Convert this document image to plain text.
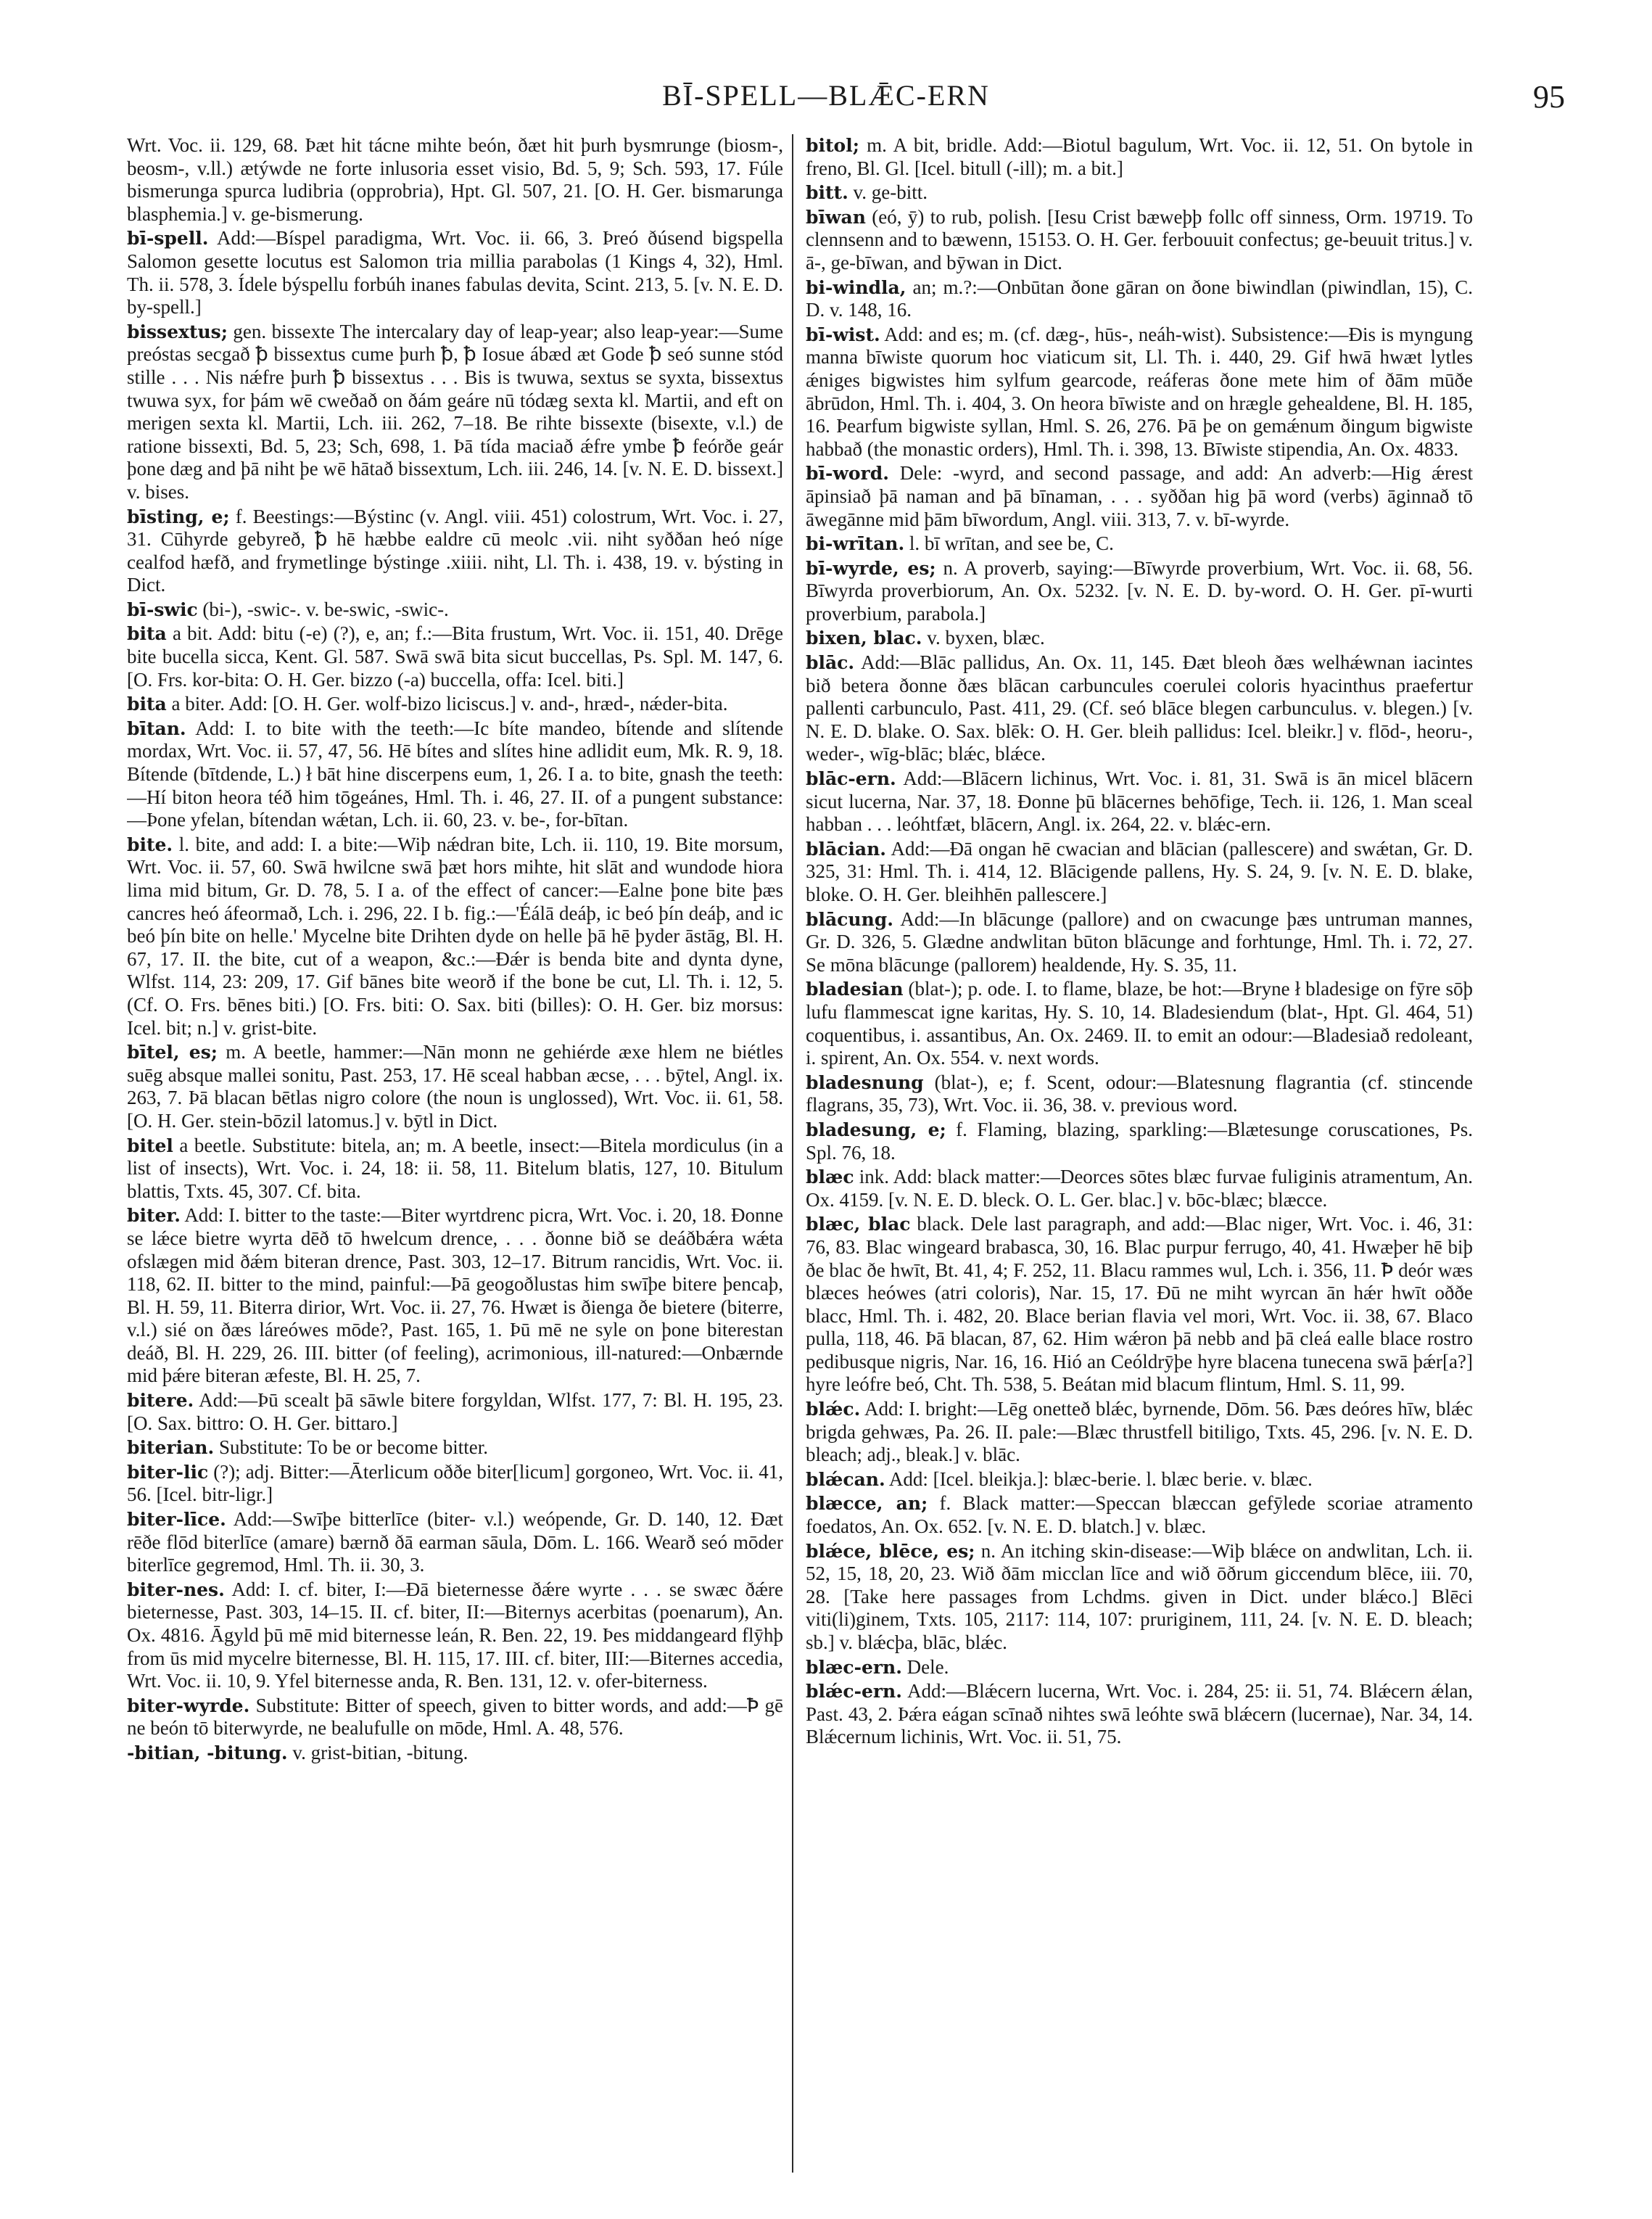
BĪ-SPELL—BLǢC-ERN	95

Wrt. Voc. ii. 129, 68. Þæt hit tácne mihte beón, ðæt hit þurh bysmrunge (biosm-, beosm-, v.ll.) ætýwde ne forte inlusoria esset visio, Bd. 5, 9; Sch. 593, 17. Fúle bismerunga spurca ludibria (opprobria), Hpt. Gl. 507, 21. [O. H. Ger. bismarunga blasphemia.] v. ge-bismerung.

bī-spell. Add:—Bíspel paradigma, Wrt. Voc. ii. 66, 3. Þreó ðúsend bigspella Salomon gesette locutus est Salomon tria millia parabolas (1 Kings 4, 32), Hml. Th. ii. 578, 3. Ídele býspellu forbúh inanes fabulas devita, Scint. 213, 5. [v. N. E. D. by-spell.]

bissextus; gen. bissexte The intercalary day of leap-year; also leap-year:—Sume preóstas secgað ꝥ bissextus cume þurh ꝥ, ꝥ Iosue ábæd æt Gode ꝥ seó sunne stód stille . . . Nis nǽfre þurh ꝥ bissextus . . . Bis is twuwa, sextus se syxta, bissextus twuwa syx, for þám wē cweðað on ðám geáre nū tódæg sexta kl. Martii, and eft on merigen sexta kl. Martii, Lch. iii. 262, 7–18. Be rihte bissexte (bisexte, v.l.) de ratione bissexti, Bd. 5, 23; Sch, 698, 1. Þā tída maciað ǽfre ymbe ꝥ feórðe geár þone dæg and þā niht þe wē hātað bissextum, Lch. iii. 246, 14. [v. N. E. D. bissext.] v. bises.

bīsting, e; f. Beestings:—Býstinc (v. Angl. viii. 451) colostrum, Wrt. Voc. i. 27, 31. Cūhyrde gebyreð, ꝥ hē hæbbe ealdre cū meolc .vii. niht syððan heó níge cealfod hæfð, and frymetlinge býstinge .xiiii. niht, Ll. Th. i. 438, 19. v. býsting in Dict.

bī-swic (bi-), -swic-. v. be-swic, -swic-.

bita a bit. Add: bitu (-e) (?), e, an; f.:—Bita frustum, Wrt. Voc. ii. 151, 40. Drēge bite bucella sicca, Kent. Gl. 587. Swā swā bita sicut buccellas, Ps. Spl. M. 147, 6. [O. Frs. kor-bita: O. H. Ger. bizzo (-a) buccella, offa: Icel. biti.]

bita a biter. Add: [O. H. Ger. wolf-bizo liciscus.] v. and-, hræd-, nǽder-bita.

bītan. Add: I. to bite with the teeth:—Ic bíte mandeo, bítende and slítende mordax, Wrt. Voc. ii. 57, 47, 56. Hē bítes and slítes hine adlidit eum, Mk. R. 9, 18. Bítende (bītdende, L.) ł bāt hine discerpens eum, 1, 26. I a. to bite, gnash the teeth:—Hí biton heora téð him tōgeánes, Hml. Th. i. 46, 27. II. of a pungent substance:—Þone yfelan, bítendan wǽtan, Lch. ii. 60, 23. v. be-, for-bītan.

bite. l. bite, and add: I. a bite:—Wiþ nǽdran bite, Lch. ii. 110, 19. Bite morsum, Wrt. Voc. ii. 57, 60. Swā hwilcne swā þæt hors mihte, hit slāt and wundode hiora lima mid bitum, Gr. D. 78, 5. I a. of the effect of cancer:—Ealne þone bite þæs cancres heó áfeormað, Lch. i. 296, 22. I b. fig.:—'Éálā deáþ, ic beó þín deáþ, and ic beó þín bite on helle.' Mycelne bite Drihten dyde on helle þā hē þyder āstāg, Bl. H. 67, 17. II. the bite, cut of a weapon, &c.:—Ðǽr is benda bite and dynta dyne, Wlfst. 114, 23: 209, 17. Gif bānes bite weorð if the bone be cut, Ll. Th. i. 12, 5. (Cf. O. Frs. bēnes biti.) [O. Frs. biti: O. Sax. biti (billes): O. H. Ger. biz morsus: Icel. bit; n.] v. grist-bite.

bītel, es; m. A beetle, hammer:—Nān monn ne gehiérde æxe hlem ne biétles suēg absque mallei sonitu, Past. 253, 17. Hē sceal habban æcse, . . . bȳtel, Angl. ix. 263, 7. Þā blacan bētlas nigro colore (the noun is unglossed), Wrt. Voc. ii. 61, 58. [O. H. Ger. stein-bōzil latomus.] v. bȳtl in Dict.

bitel a beetle. Substitute: bitela, an; m. A beetle, insect:—Bitela mordiculus (in a list of insects), Wrt. Voc. i. 24, 18: ii. 58, 11. Bitelum blatis, 127, 10. Bitulum blattis, Txts. 45, 307. Cf. bita.

biter. Add: I. bitter to the taste:—Biter wyrtdrenc picra, Wrt. Voc. i. 20, 18. Ðonne se lǽce bietre wyrta dēð tō hwelcum drence, . . . ðonne bið se deáðbǽra wǽta ofslægen mid ðǽm biteran drence, Past. 303, 12–17. Bitrum rancidis, Wrt. Voc. ii. 118, 62. II. bitter to the mind, painful:—Þā geogoðlustas him swīþe bitere þencaþ, Bl. H. 59, 11. Biterra dirior, Wrt. Voc. ii. 27, 76. Hwæt is ðienga ðe bietere (biterre, v.l.) sié on ðæs láreówes mōde?, Past. 165, 1. Þū mē ne syle on þone biterestan deáð, Bl. H. 229, 26. III. bitter (of feeling), acrimonious, ill-natured:—Onbærnde mid þǽre biteran æfeste, Bl. H. 25, 7.

bitere. Add:—Þū scealt þā sāwle bitere forgyldan, Wlfst. 177, 7: Bl. H. 195, 23. [O. Sax. bittro: O. H. Ger. bittaro.]

biterian. Substitute: To be or become bitter.

biter-lic (?); adj. Bitter:—Āterlicum oððe biter[licum] gorgoneo, Wrt. Voc. ii. 41, 56. [Icel. bitr-ligr.]

biter-līce. Add:—Swīþe bitterlīce (biter- v.l.) weópende, Gr. D. 140, 12. Ðæt rēðe flōd biterlīce (amare) bærnð ðā earman sāula, Dōm. L. 166. Wearð seó mōder biterlīce gegremod, Hml. Th. ii. 30, 3.

biter-nes. Add: I. cf. biter, I:—Ðā bieternesse ðǽre wyrte . . . se swæc ðǽre bieternesse, Past. 303, 14–15. II. cf. biter, II:—Biternys acerbitas (poenarum), An. Ox. 4816. Āgyld þū mē mid biternesse leán, R. Ben. 22, 19. Þes middangeard flȳhþ from ūs mid mycelre biternesse, Bl. H. 115, 17. III. cf. biter, III:—Biternes accedia, Wrt. Voc. ii. 10, 9. Yfel biternesse anda, R. Ben. 131, 12. v. ofer-biterness.

biter-wyrde. Substitute: Bitter of speech, given to bitter words, and add:—Ꝥ gē ne beón tō biterwyrde, ne bealufulle on mōde, Hml. A. 48, 576.

-bitian, -bitung. v. grist-bitian, -bitung.

bitol; m. A bit, bridle. Add:—Biotul bagulum, Wrt. Voc. ii. 12, 51. On bytole in freno, Bl. Gl. [Icel. bitull (-ill); m. a bit.]

bitt. v. ge-bitt.

bīwan (eó, ȳ) to rub, polish. [Iesu Crist bæweþþ follc off sinness, Orm. 19719. To clennsenn and to bæwenn, 15153. O. H. Ger. ferbouuit confectus; ge-beuuit tritus.] v. ā-, ge-bīwan, and bȳwan in Dict.

bi-windla, an; m.?:—Onbūtan ðone gāran on ðone biwindlan (piwindlan, 15), C. D. v. 148, 16.

bī-wist. Add: and es; m. (cf. dæg-, hūs-, neáh-wist). Subsistence:—Ðis is myngung manna bīwiste quorum hoc viaticum sit, Ll. Th. i. 440, 29. Gif hwā hwæt lytles ǽniges bigwistes him sylfum gearcode, reáferas ðone mete him of ðām mūðe ābrūdon, Hml. Th. i. 404, 3. On heora bīwiste and on hrægle gehealdene, Bl. H. 185, 16. Þearfum bigwiste syllan, Hml. S. 26, 276. Þā þe on gemǽnum ðingum bigwiste habbað (the monastic orders), Hml. Th. i. 398, 13. Bīwiste stipendia, An. Ox. 4833.

bī-word. Dele: -wyrd, and second passage, and add: An adverb:—Hig ǽrest āpinsiað þā naman and þā bīnaman, . . . syððan hig þā word (verbs) āginnað tō āwegānne mid þām bīwordum, Angl. viii. 313, 7. v. bī-wyrde.

bi-wrītan. l. bī wrītan, and see be, C.

bī-wyrde, es; n. A proverb, saying:—Bīwyrde proverbium, Wrt. Voc. ii. 68, 56. Bīwyrda proverbiorum, An. Ox. 5232. [v. N. E. D. by-word. O. H. Ger. pī-wurti proverbium, parabola.]

bixen, blac. v. byxen, blæc.

blāc. Add:—Blāc pallidus, An. Ox. 11, 145. Ðæt bleoh ðæs welhǽwnan iacintes bið betera ðonne ðæs blācan carbuncules coerulei coloris hyacinthus praefertur pallenti carbunculo, Past. 411, 29. (Cf. seó blāce blegen carbunculus. v. blegen.) [v. N. E. D. blake. O. Sax. blēk: O. H. Ger. bleih pallidus: Icel. bleikr.] v. flōd-, heoru-, weder-, wīg-blāc; blǽc, blǽce.

blāc-ern. Add:—Blācern lichinus, Wrt. Voc. i. 81, 31. Swā is ān micel blācern sicut lucerna, Nar. 37, 18. Ðonne þū blācernes behōfige, Tech. ii. 126, 1. Man sceal habban . . . leóhtfæt, blācern, Angl. ix. 264, 22. v. blǽc-ern.

blācian. Add:—Ðā ongan hē cwacian and blācian (pallescere) and swǽtan, Gr. D. 325, 31: Hml. Th. i. 414, 12. Blācigende pallens, Hy. S. 24, 9. [v. N. E. D. blake, bloke. O. H. Ger. bleihhēn pallescere.]

blācung. Add:—In blācunge (pallore) and on cwacunge þæs untruman mannes, Gr. D. 326, 5. Glædne andwlitan būton blācunge and forhtunge, Hml. Th. i. 72, 27. Se mōna blācunge (pallorem) healdende, Hy. S. 35, 11.

bladesian (blat-); p. ode. I. to flame, blaze, be hot:—Bryne ł bladesige on fȳre sōþ lufu flammescat igne karitas, Hy. S. 10, 14. Bladesiendum (blat-, Hpt. Gl. 464, 51) coquentibus, i. assantibus, An. Ox. 2469. II. to emit an odour:—Bladesiað redoleant, i. spirent, An. Ox. 554. v. next words.

bladesnung (blat-), e; f. Scent, odour:—Blatesnung flagrantia (cf. stincende flagrans, 35, 73), Wrt. Voc. ii. 36, 38. v. previous word.

bladesung, e; f. Flaming, blazing, sparkling:—Blætesunge coruscationes, Ps. Spl. 76, 18.

blæc ink. Add: black matter:—Deorces sōtes blæc furvae fuliginis atramentum, An. Ox. 4159. [v. N. E. D. bleck. O. L. Ger. blac.] v. bōc-blæc; blæcce.

blæc, blac black. Dele last paragraph, and add:—Blac niger, Wrt. Voc. i. 46, 31: 76, 83. Blac wingeard brabasca, 30, 16. Blac purpur ferrugo, 40, 41. Hwæþer hē biþ ðe blac ðe hwīt, Bt. 41, 4; F. 252, 11. Blacu rammes wul, Lch. i. 356, 11. Ꝥ deór wæs blæces heówes (atri coloris), Nar. 15, 17. Ðū ne miht wyrcan ān hǽr hwīt oððe blacc, Hml. Th. i. 482, 20. Blace berian flavia vel mori, Wrt. Voc. ii. 38, 67. Blaco pulla, 118, 46. Þā blacan, 87, 62. Him wǽron þā nebb and þā cleá ealle blace rostro pedibusque nigris, Nar. 16, 16. Hió an Ceóldrȳþe hyre blacena tunecena swā þǽr[a?] hyre leófre beó, Cht. Th. 538, 5. Beátan mid blacum flintum, Hml. S. 11, 99.

blǽc. Add: I. bright:—Lēg onetteð blǽc, byrnende, Dōm. 56. Þæs deóres hīw, blǽc brigda gehwæs, Pa. 26. II. pale:—Blæc thrustfell bitiligo, Txts. 45, 296. [v. N. E. D. bleach; adj., bleak.] v. blāc.

blǽcan. Add: [Icel. bleikja.]: blæc-berie. l. blæc berie. v. blæc.

blæcce, an; f. Black matter:—Speccan blæccan gefȳlede scoriae atramento foedatos, An. Ox. 652. [v. N. E. D. blatch.] v. blæc.

blǽce, blēce, es; n. An itching skin-disease:—Wiþ blǽce on andwlitan, Lch. ii. 52, 15, 18, 20, 23. Wið ðām micclan līce and wið ōðrum giccendum blēce, iii. 70, 28. [Take here passages from Lchdms. given in Dict. under blǽco.] Blēci viti(li)ginem, Txts. 105, 2117: 114, 107: pruriginem, 111, 24. [v. N. E. D. bleach; sb.] v. blǽcþa, blāc, blǽc.

blæc-ern. Dele.

blǽc-ern. Add:—Blǽcern lucerna, Wrt. Voc. i. 284, 25: ii. 51, 74. Blǽcern ǽlan, Past. 43, 2. Þǽra eágan scīnað nihtes swā leóhte swā blǽcern (lucernae), Nar. 34, 14. Blǽcernum lichinis, Wrt. Voc. ii. 51, 75.
